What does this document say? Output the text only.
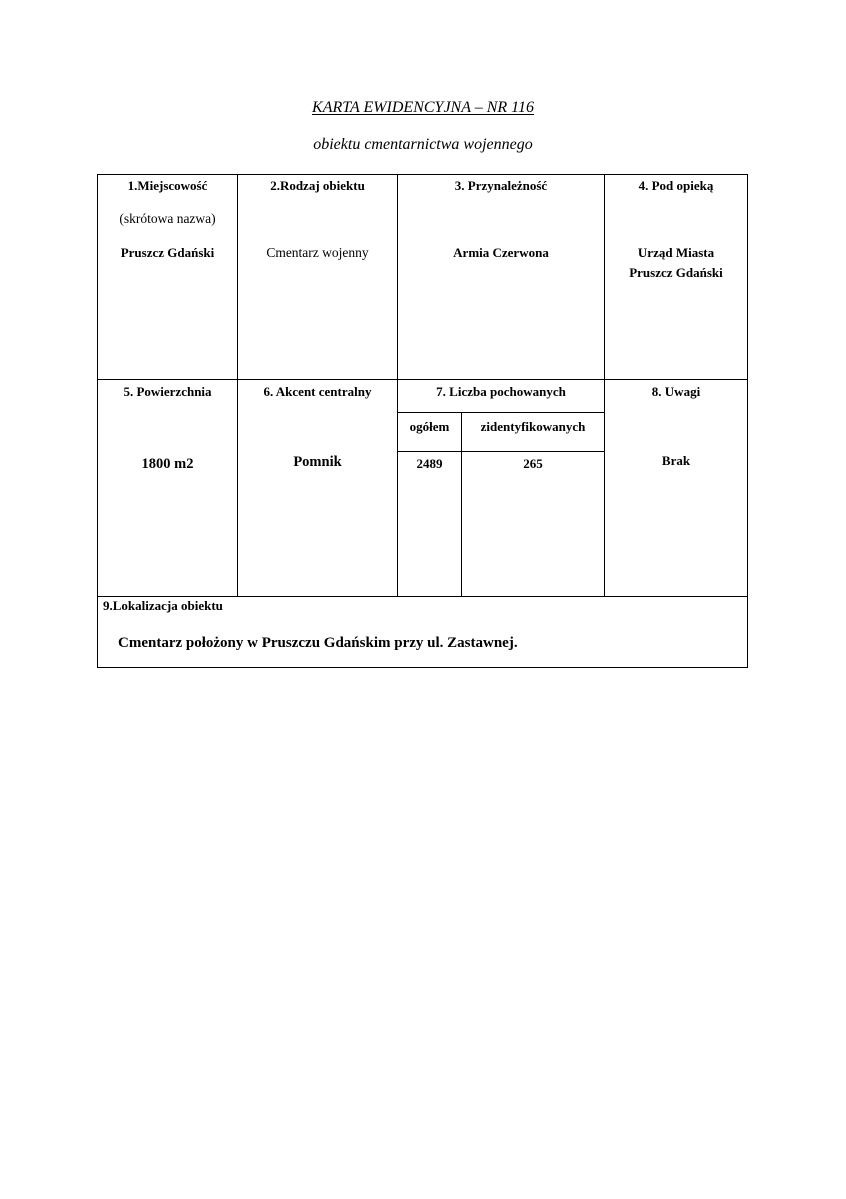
KARTA EWIDENCYJNA – NR 116
obiektu cmentarnictwa wojennego
1.Miejscowość
(skrótowa nazwa)
Pruszcz Gdański
2.Rodzaj obiektu
Cmentarz wojenny
3. Przynależność
Armia Czerwona
4. Pod opieką
Urząd Miasta
Pruszcz Gdański
5. Powierzchnia
1800 m2
6. Akcent centralny
Pomnik
7. Liczba pochowanych
ogółem	zidentyfikowanych
2489	265
8. Uwagi
Brak
9.Lokalizacja obiektu
Cmentarz położony w Pruszczu Gdańskim przy ul. Zastawnej.
